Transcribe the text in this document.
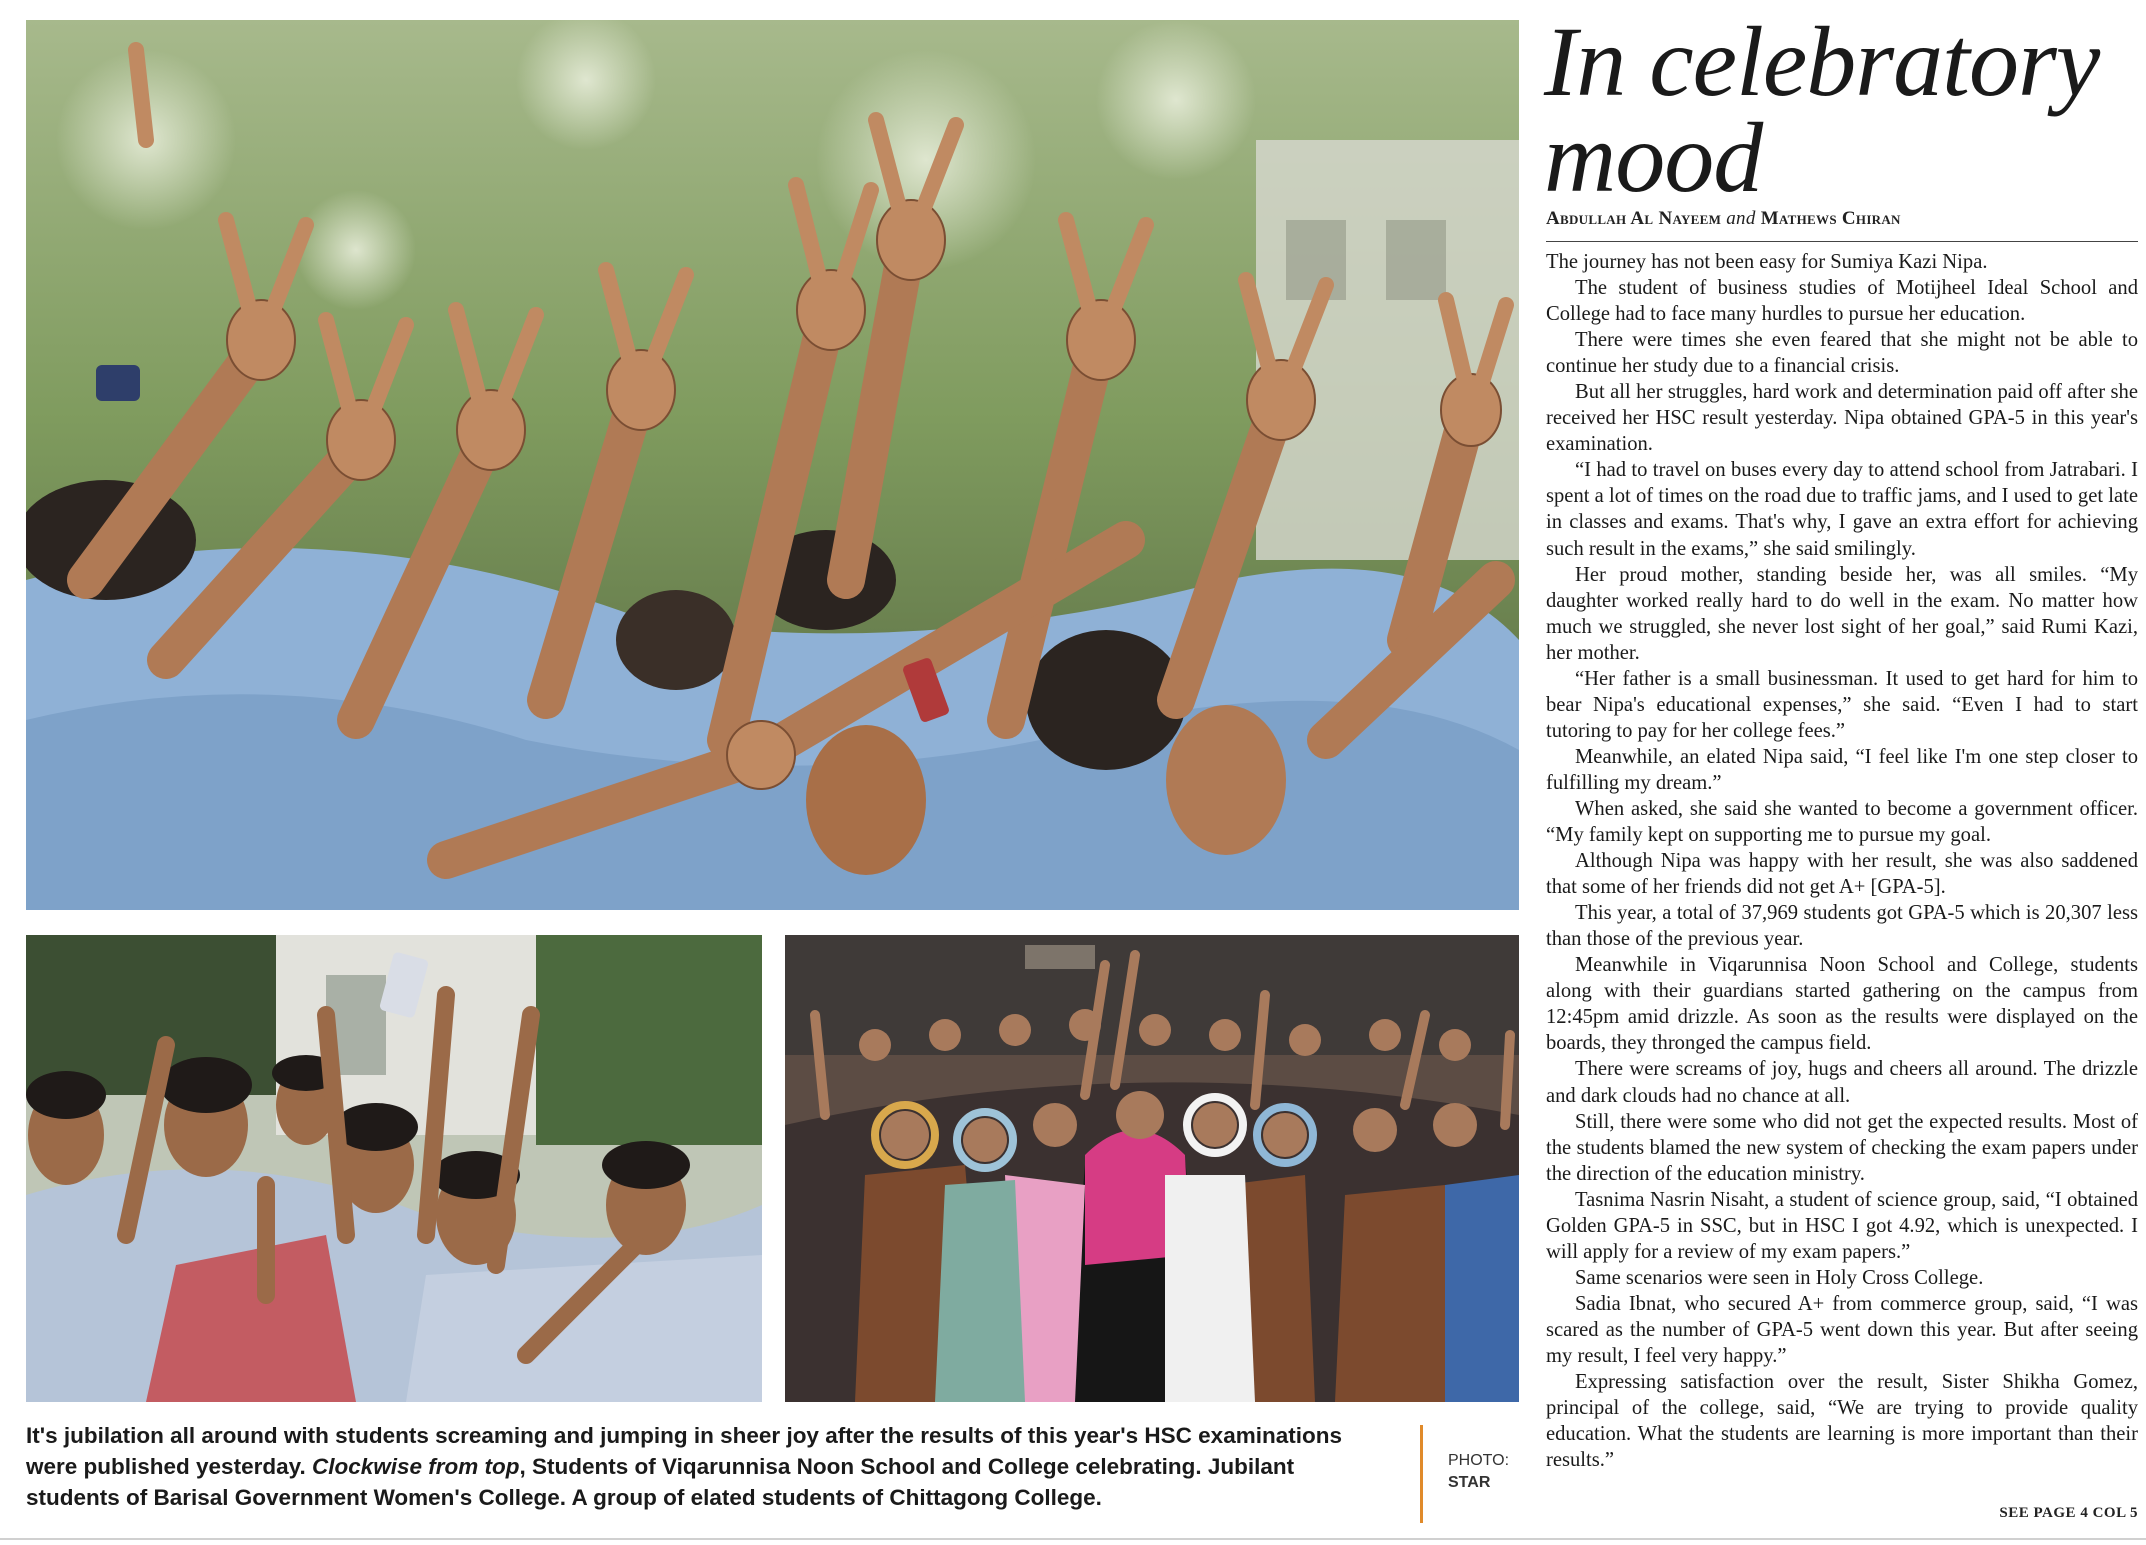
It's jubilation all around with students screaming and jumping in sheer joy after the results of this year's HSC examinations were published yesterday. Clockwise from top, Students of Viqarunnisa Noon School and College celebrating. Jubilant students of Barisal Government Women's College. A group of elated students of Chittagong College.
PHOTO:
STAR
In celebratory
mood
Abdullah Al Nayeem and Mathews Chiran

The journey has not been easy for Sumiya Kazi Nipa.

The student of business studies of Motijheel Ideal School and College had to face many hurdles to pursue her education.

There were times she even feared that she might not be able to continue her study due to a financial crisis.

But all her struggles, hard work and determination paid off after she received her HSC result yesterday. Nipa obtained GPA-5 in this year's examination.

“I had to travel on buses every day to attend school from Jatrabari. I spent a lot of times on the road due to traffic jams, and I used to get late in classes and exams. That's why, I gave an extra effort for achieving such result in the exams,” she said smilingly.

Her proud mother, standing beside her, was all smiles. “My daughter worked really hard to do well in the exam. No matter how much we struggled, she never lost sight of her goal,” said Rumi Kazi, her mother.

“Her father is a small businessman. It used to get hard for him to bear Nipa's educational expenses,” she said. “Even I had to start tutoring to pay for her college fees.”

Meanwhile, an elated Nipa said, “I feel like I'm one step closer to fulfilling my dream.”

When asked, she said she wanted to become a government officer. “My family kept on supporting me to pursue my goal.

Although Nipa was happy with her result, she was also saddened that some of her friends did not get A+ [GPA-5].

This year, a total of 37,969 students got GPA-5 which is 20,307 less than those of the previous year.

Meanwhile in Viqarunnisa Noon School and College, students along with their guardians started gathering on the campus from 12:45pm amid drizzle. As soon as the results were displayed on the boards, they thronged the campus field.

There were screams of joy, hugs and cheers all around. The drizzle and dark clouds had no chance at all.

Still, there were some who did not get the expected results. Most of the students blamed the new system of checking the exam papers under the direction of the education ministry.

Tasnima Nasrin Nisaht, a student of science group, said, “I obtained Golden GPA-5 in SSC, but in HSC I got 4.92, which is unexpected. I will apply for a review of my exam papers.”

Same scenarios were seen in Holy Cross College.

Sadia Ibnat, who secured A+ from commerce group, said, “I was scared as the number of GPA-5 went down this year. But after seeing my result, I feel very happy.”

Expressing satisfaction over the result, Sister Shikha Gomez, principal of the college, said, “We are trying to provide quality education. What the students are learning is more important than their results.”

SEE PAGE 4 COL 5
